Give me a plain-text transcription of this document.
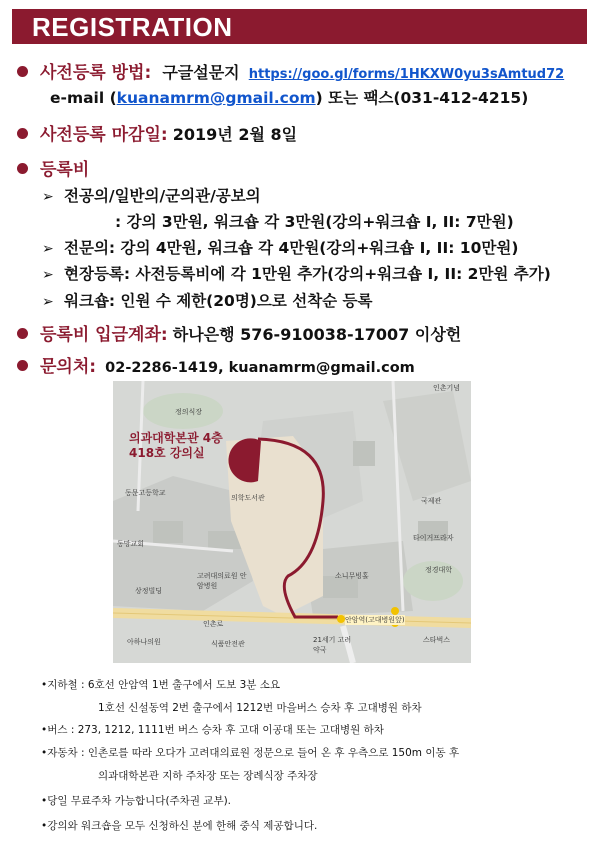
REGISTRATION
사전등록 방법: 구글설문지 https://goo.gl/forms/1HKXW0yu3sAmtud72
e-mail (kuanamrm@gmail.com) 또는 팩스(031-412-4215)
사전등록 마감일: 2019년 2월 8일
등록비
➢ 전공의/일반의/군의관/공보의
: 강의 3만원, 워크숍 각 3만원(강의+워크숍 I, II: 7만원)
➢ 전문의: 강의 4만원, 워크숍 각 4만원(강의+워크숍 I, II: 10만원)
➢ 현장등록: 사전등록비에 각 1만원 추가(강의+워크숍 I, II: 2만원 추가)
➢ 워크숍: 인원 수 제한(20명)으로 선착순 등록
등록비 입금계좌: 하나은행 576-910038-17007 이상헌
문의처: 02-2286-1419, kuanamrm@gmail.com
의과대학본관 4층
418호 강의실
정의식장
의학도서관
동문고등학교
동망교회
고려대의료원 안암병원
상정빌딩
아하나의원	식품안전관	21세기 고려약국
소니무빙홀
스타벅스
정경대학
국제관
타이거프라자
인촌기념
인촌로	안암역(고대병원앞)
•지하철 : 6호선 안암역 1번 출구에서 도보 3분 소요
1호선 신설동역 2번 출구에서 1212번 마을버스 승차 후 고대병원 하차
•버스 : 273, 1212, 1111번 버스 승차 후 고대 이공대 또는 고대병원 하차
•자동차 : 인촌로를 따라 오다가 고려대의료원 정문으로 들어 온 후 우측으로 150m 이동 후
의과대학본관 지하 주차장 또는 장례식장 주차장
•당일 무료주차 가능합니다(주차권 교부).
•강의와 워크숍을 모두 신청하신 분에 한해 중식 제공합니다.
